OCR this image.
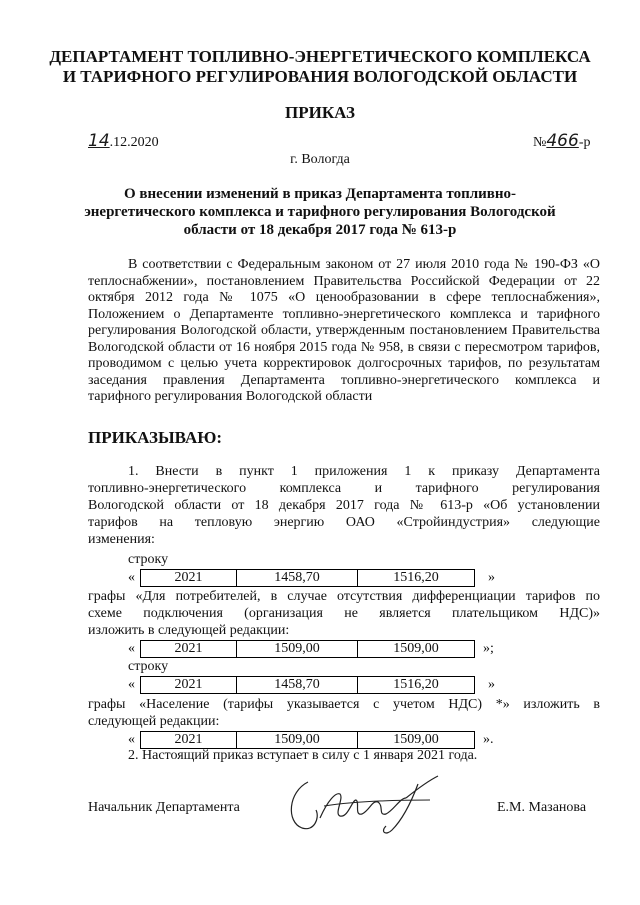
ДЕПАРТАМЕНТ ТОПЛИВНО-ЭНЕРГЕТИЧЕСКОГО КОМПЛЕКСА
И ТАРИФНОГО РЕГУЛИРОВАНИЯ ВОЛОГОДСКОЙ ОБЛАСТИ
ПРИКАЗ
14.12.2020	№466-р
г. Вологда
О внесении изменений в приказ Департамента топливно-
энергетического комплекса и тарифного регулирования Вологодской
области от 18 декабря 2017 года № 613-р
В соответствии с Федеральным законом от 27 июля 2010 года № 190-ФЗ «О теплоснабжении», постановлением Правительства Российской Федерации от 22 октября 2012 года № 1075 «О ценообразовании в сфере теплоснабжения», Положением о Департаменте топливно-энергетического комплекса и тарифного регулирования Вологодской области, утвержденным постановлением Правительства Вологодской области от 16 ноября 2015 года № 958, в связи с пересмотром тарифов, проводимом с целью учета корректировок долгосрочных тарифов, по результатам заседания правления Департамента топливно-энергетического комплекса и тарифного регулирования Вологодской области
ПРИКАЗЫВАЮ:
1. Внести в пункт 1 приложения 1 к приказу Департамента
топливно-энергетического комплекса и тарифного регулирования
Вологодской области от 18 декабря 2017 года № 613-р «Об установлении
тарифов на тепловую энергию ОАО «Стройиндустрия» следующие
изменения:
строку
«	2021	1458,70	1516,20	»
графы «Для потребителей, в случае отсутствия дифференциации тарифов по
схеме подключения (организация не является плательщиком НДС)»
изложить в следующей редакции:
«	2021	1509,00	1509,00	»;
строку
«	2021	1458,70	1516,20	»
графы «Население (тарифы указывается с учетом НДС) *» изложить в
следующей редакции:
«	2021	1509,00	1509,00	».
2. Настоящий приказ вступает в силу с 1 января 2021 года.
Начальник Департамента	Е.М. Мазанова
